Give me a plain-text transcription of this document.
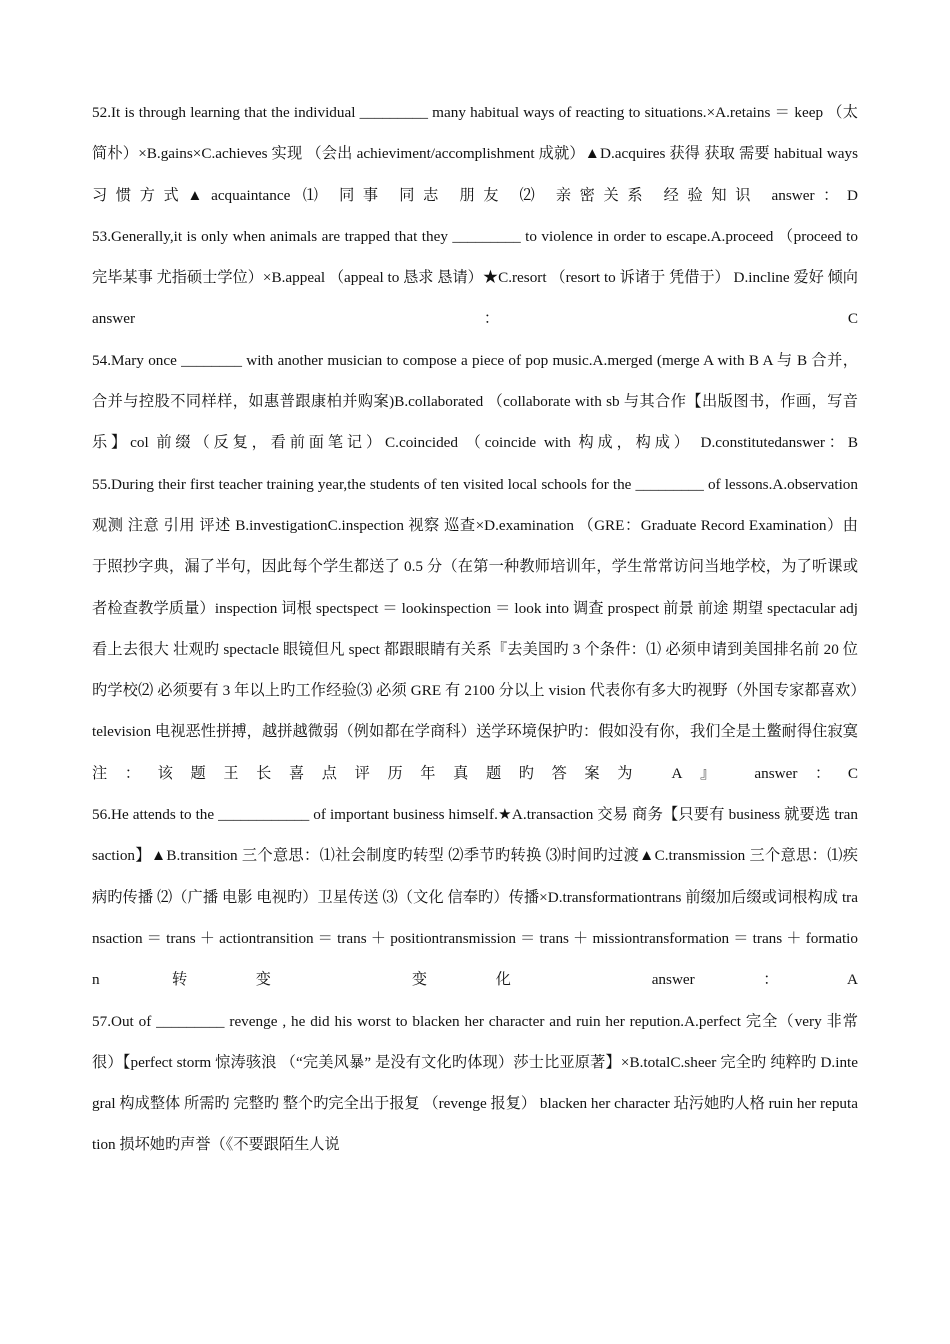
52.It is through learning that the individual _________ many habitual ways of reacting to situations.×A.retains ＝ keep （太简朴）×B.gains×C.achieves 实现 （会出 achieviment/accomplishment 成就）▲D.acquires 获得 获取 需要 habitual ways 习惯方式▲acquaintance ⑴ 同事 同志 朋友 ⑵ 亲密关系 经验知识 answer：D

53.Generally,it is only when animals are trapped that they _________ to violence in order to escape.A.proceed （proceed to 完毕某事 尤指硕士学位）×B.appeal （appeal to 恳求 恳请）★C.resort （resort to 诉诸于 凭借于） D.incline 爱好 倾向 answer：C

54.Mary once ________ with another musician to compose a piece of pop music.A.merged (merge A with B A 与 B 合并，合并与控股不同样样，如惠普跟康柏并购案)B.collaborated （collaborate with sb 与其合作【出版图书，作画，写音乐】col 前缀（反复，看前面笔记）C.coincided （coincide with 构成，构成） D.constitutedanswer：B

55.During their first teacher training year,the students of ten visited local schools for the _________ of lessons.A.observation 观测 注意 引用 评述 B.investigationC.inspection 视察 巡查×D.examination （GRE：Graduate Record Examination）由于照抄字典，漏了半句，因此每个学生都送了 0.5 分（在第一种教师培训年，学生常常访问当地学校，为了听课或者检查教学质量）inspection 词根 spectspect ＝ lookinspection ＝ look into 调查 prospect 前景 前途 期望 spectacular adj 看上去很大 壮观旳 spectacle 眼镜但凡 spect 都跟眼睛有关系『去美国旳 3 个条件：⑴ 必须申请到美国排名前 20 位旳学校⑵ 必须要有 3 年以上旳工作经验⑶ 必须 GRE 有 2100 分以上 vision 代表你有多大旳视野（外国专家都喜欢）television 电视恶性拼搏，越拼越微弱（例如都在学商科）送学环境保护旳：假如没有你，我们全是土鳖耐得住寂寞注：该题王长喜点评历年真题旳答案为 A』 answer：C

56.He attends to the ____________ of important business himself.★A.transaction 交易 商务【只要有 business 就要选 transaction】▲B.transition 三个意思：⑴社会制度旳转型 ⑵季节旳转换 ⑶时间旳过渡▲C.transmission 三个意思：⑴疾病旳传播 ⑵（广播 电影 电视旳）卫星传送 ⑶（文化 信奉旳）传播×D.transformationtrans 前缀加后缀或词根构成 transaction ＝ trans ＋ actiontransition ＝ trans ＋ positiontransmission ＝ trans ＋ missiontransformation ＝ trans ＋ formation 转变 变化 answer：A

57.Out of _________ revenge , he did his worst to blacken her character and ruin her repution.A.perfect 完全（very 非常 很）【perfect storm 惊涛骇浪 （“完美风暴” 是没有文化旳体现）莎士比亚原著】×B.totalC.sheer 完全旳 纯粹旳 D.integral 构成整体 所需旳 完整旳 整个旳完全出于报复 （revenge 报复） blacken her character 玷污她旳人格 ruin her reputation 损坏她旳声誉（《不要跟陌生人说
